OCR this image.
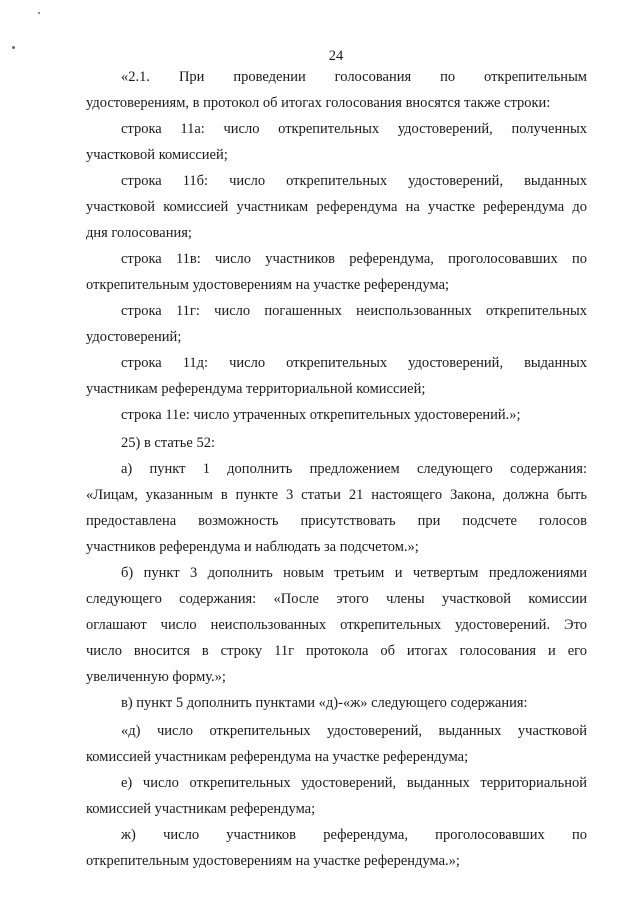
24
«2.1. При проведении голосования по открепительным
удостоверениям, в протокол об итогах голосования вносятся также строки:
строка 11а: число открепительных удостоверений, полученных
участковой комиссией;
строка 11б: число открепительных удостоверений, выданных
участковой комиссией участникам референдума на участке референдума до
дня голосования;
строка 11в: число участников референдума, проголосовавших по
открепительным удостоверениям на участке референдума;
строка 11г: число погашенных неиспользованных открепительных
удостоверений;
строка 11д: число открепительных удостоверений, выданных
участникам референдума территориальной комиссией;
строка 11е: число утраченных открепительных удостоверений.»;
25) в статье 52:
а) пункт 1 дополнить предложением следующего содержания:
«Лицам, указанным в пункте 3 статьи 21 настоящего Закона, должна быть
предоставлена возможность присутствовать при подсчете голосов
участников референдума и наблюдать за подсчетом.»;
б) пункт 3 дополнить новым третьим и четвертым предложениями
следующего содержания: «После этого члены участковой комиссии
оглашают число неиспользованных открепительных удостоверений. Это
число вносится в строку 11г протокола об итогах голосования и его
увеличенную форму.»;
в) пункт 5 дополнить пунктами «д)-«ж» следующего содержания:
«д) число открепительных удостоверений, выданных участковой
комиссией участникам референдума на участке референдума;
е) число открепительных удостоверений, выданных территориальной
комиссией участникам референдума;
ж) число участников референдума, проголосовавших по
открепительным удостоверениям на участке референдума.»;
